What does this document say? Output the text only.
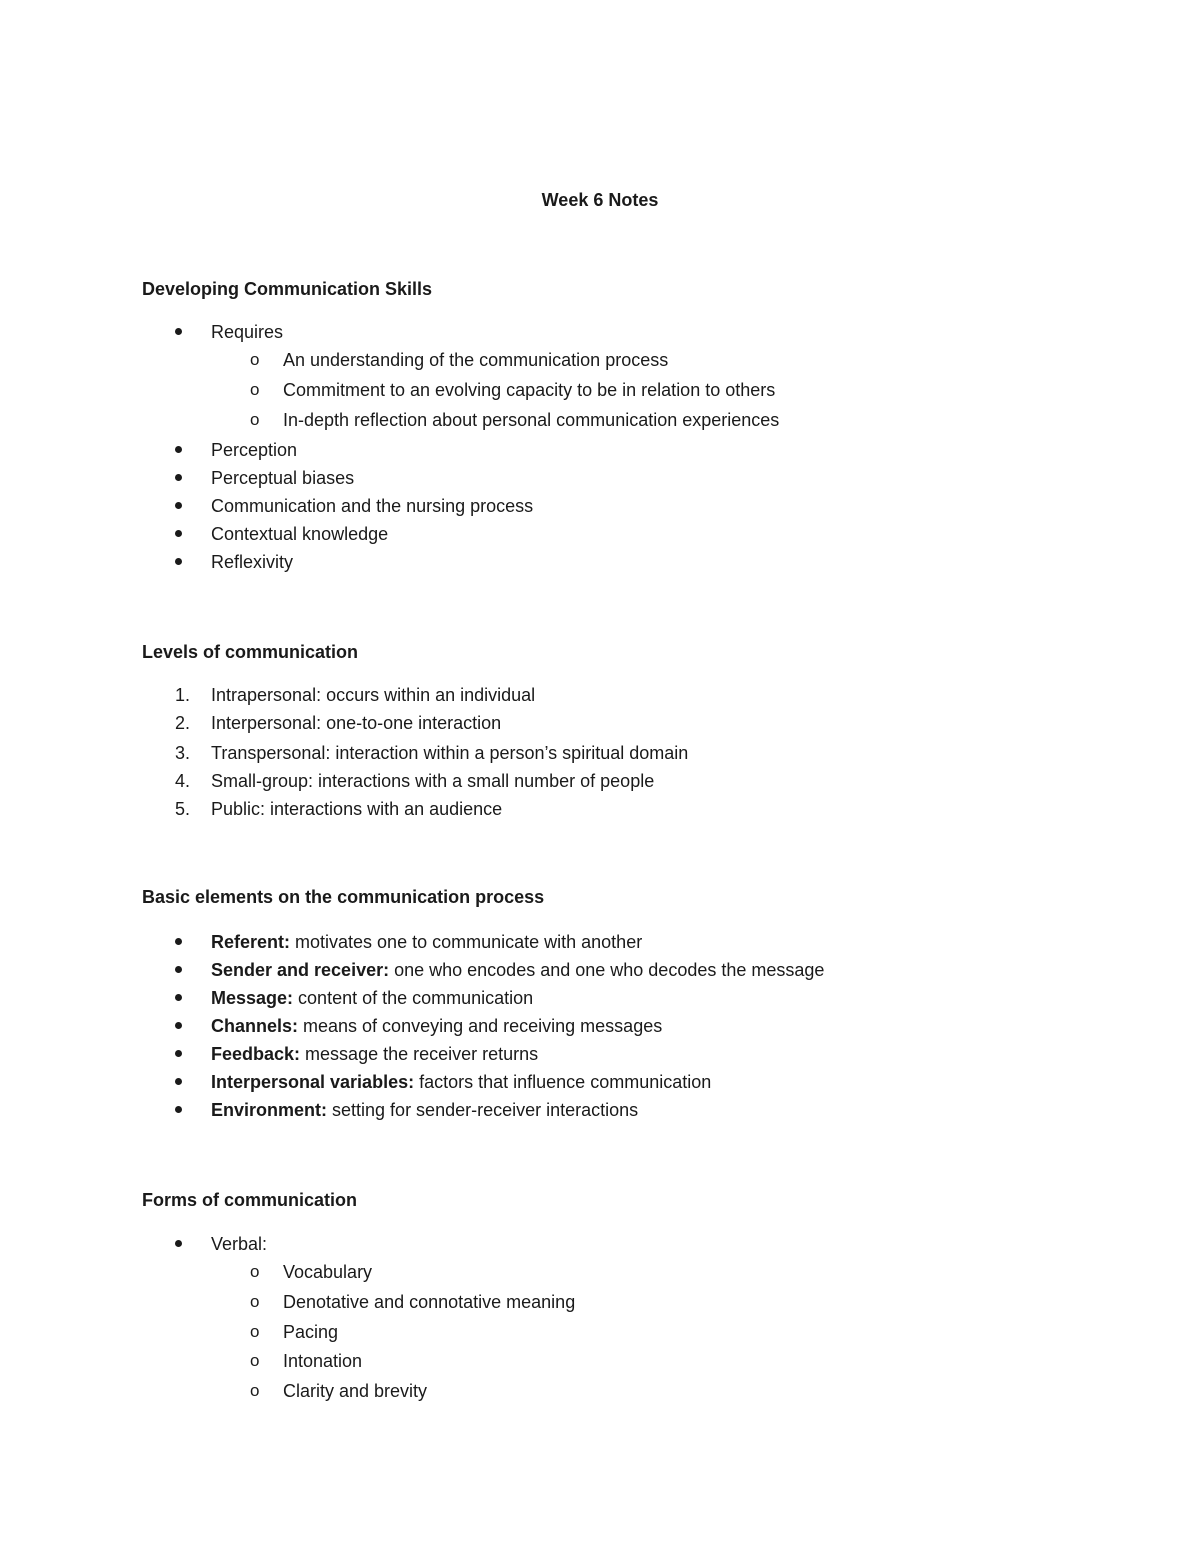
Week 6 Notes
Developing Communication Skills
Requires
o An understanding of the communication process
o Commitment to an evolving capacity to be in relation to others
o In-depth reflection about personal communication experiences
Perception
Perceptual biases
Communication and the nursing process
Contextual knowledge
Reflexivity
Levels of communication
1.	Intrapersonal: occurs within an individual
2.	Interpersonal: one-to-one interaction
3.	Transpersonal: interaction within a person’s spiritual domain
4.	Small-group: interactions with a small number of people
5.	Public: interactions with an audience
Basic elements on the communication process
Referent: motivates one to communicate with another
Sender and receiver: one who encodes and one who decodes the message
Message: content of the communication
Channels: means of conveying and receiving messages
Feedback: message the receiver returns
Interpersonal variables: factors that influence communication
Environment: setting for sender-receiver interactions
Forms of communication
Verbal:
o Vocabulary
o Denotative and connotative meaning
o Pacing
o Intonation
o Clarity and brevity
